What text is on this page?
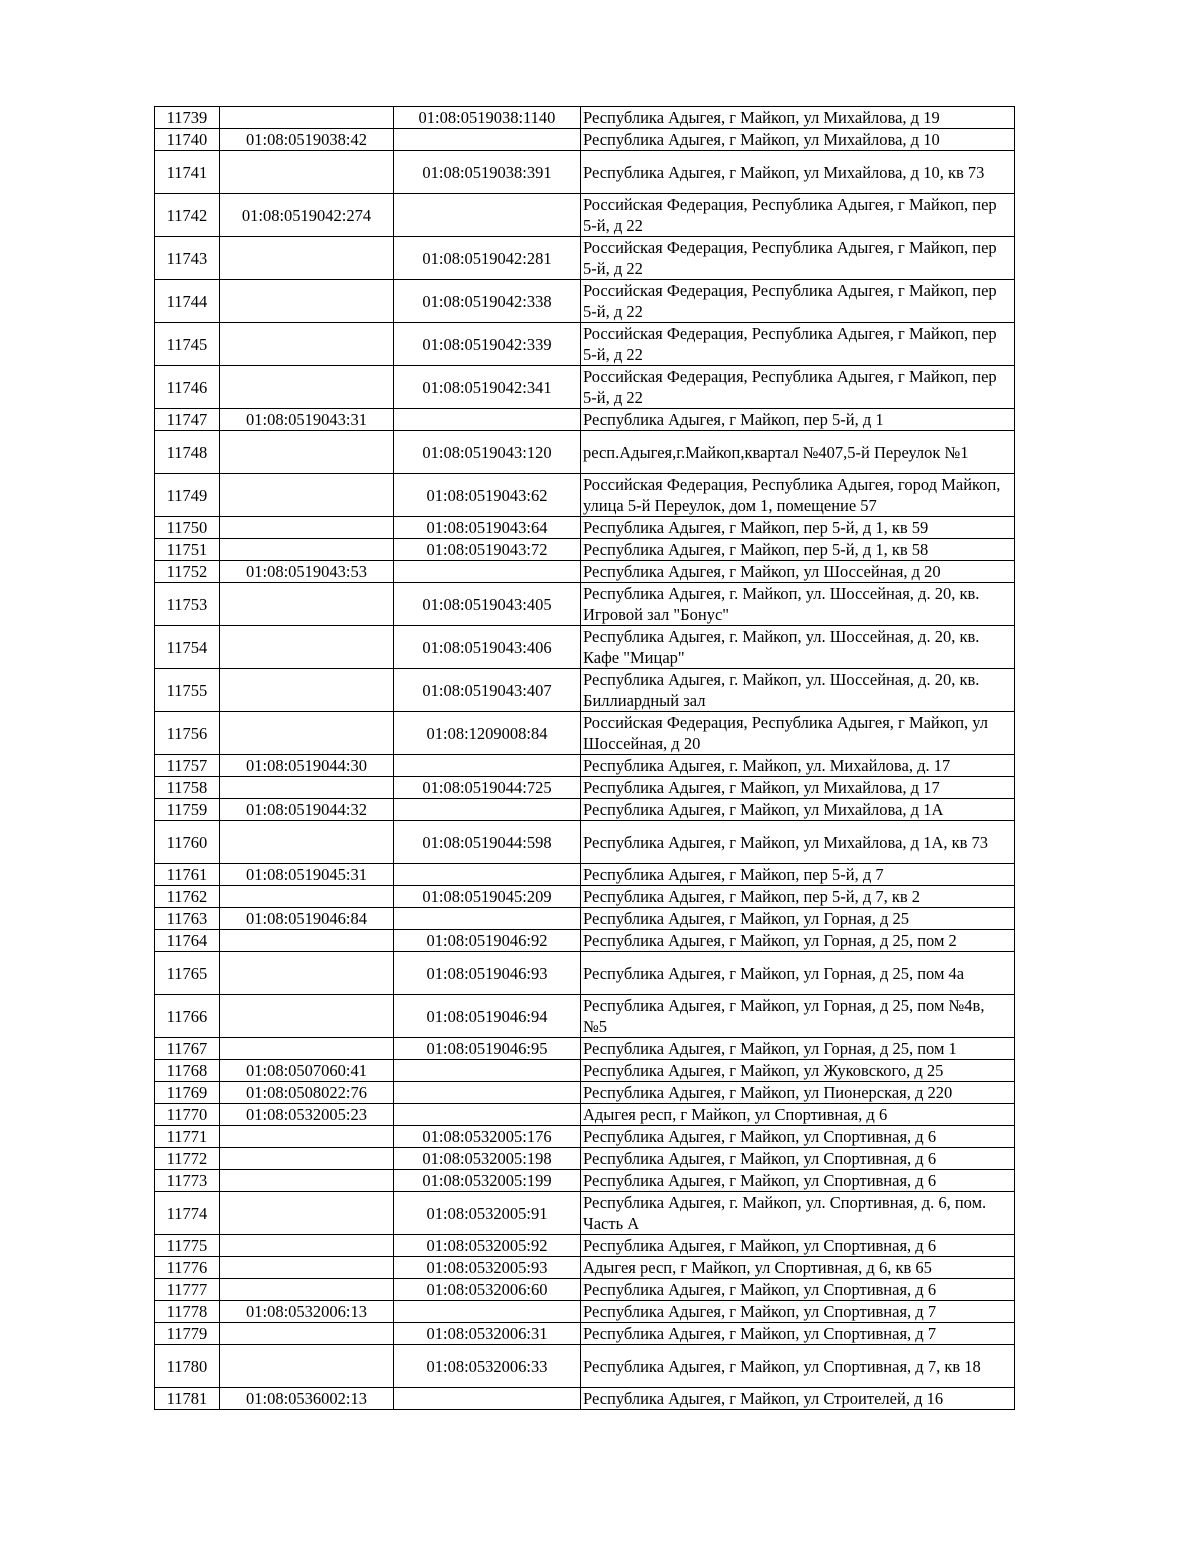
11739		01:08:0519038:1140	Республика Адыгея, г Майкоп, ул Михайлова, д 19
11740	01:08:0519038:42		Республика Адыгея, г Майкоп, ул Михайлова, д 10
11741		01:08:0519038:391	Республика Адыгея, г Майкоп, ул Михайлова, д 10, кв 73
11742	01:08:0519042:274		Российская Федерация, Республика Адыгея, г Майкоп, пер 5-й, д 22
11743		01:08:0519042:281	Российская Федерация, Республика Адыгея, г Майкоп, пер 5-й, д 22
11744		01:08:0519042:338	Российская Федерация, Республика Адыгея, г Майкоп, пер 5-й, д 22
11745		01:08:0519042:339	Российская Федерация, Республика Адыгея, г Майкоп, пер 5-й, д 22
11746		01:08:0519042:341	Российская Федерация, Республика Адыгея, г Майкоп, пер 5-й, д 22
11747	01:08:0519043:31		Республика Адыгея, г Майкоп, пер 5-й, д 1
11748		01:08:0519043:120	респ.Адыгея,г.Майкоп,квартал №407,5-й Переулок №1
11749		01:08:0519043:62	Российская Федерация, Республика Адыгея, город Майкоп, улица 5-й Переулок, дом 1, помещение 57
11750		01:08:0519043:64	Республика Адыгея, г Майкоп, пер 5-й, д 1, кв 59
11751		01:08:0519043:72	Республика Адыгея, г Майкоп, пер 5-й, д 1, кв 58
11752	01:08:0519043:53		Республика Адыгея, г Майкоп, ул Шоссейная, д 20
11753		01:08:0519043:405	Республика Адыгея, г. Майкоп, ул. Шоссейная, д. 20, кв. Игровой зал "Бонус"
11754		01:08:0519043:406	Республика Адыгея, г. Майкоп, ул. Шоссейная, д. 20, кв. Кафе "Мицар"
11755		01:08:0519043:407	Республика Адыгея, г. Майкоп, ул. Шоссейная, д. 20, кв. Биллиардный зал
11756		01:08:1209008:84	Российская Федерация, Республика Адыгея, г Майкоп, ул Шоссейная, д 20
11757	01:08:0519044:30		Республика Адыгея, г. Майкоп, ул. Михайлова, д. 17
11758		01:08:0519044:725	Республика Адыгея, г Майкоп, ул Михайлова, д 17
11759	01:08:0519044:32		Республика Адыгея, г Майкоп, ул Михайлова, д 1А
11760		01:08:0519044:598	Республика Адыгея, г Майкоп, ул Михайлова, д 1А, кв 73
11761	01:08:0519045:31		Республика Адыгея, г Майкоп, пер 5-й, д 7
11762		01:08:0519045:209	Республика Адыгея, г Майкоп, пер 5-й, д 7, кв 2
11763	01:08:0519046:84		Республика Адыгея, г Майкоп, ул Горная, д 25
11764		01:08:0519046:92	Республика Адыгея, г Майкоп, ул Горная, д 25, пом 2
11765		01:08:0519046:93	Республика Адыгея, г Майкоп, ул Горная, д 25, пом 4а
11766		01:08:0519046:94	Республика Адыгея, г Майкоп, ул Горная, д 25, пом №4в, №5
11767		01:08:0519046:95	Республика Адыгея, г Майкоп, ул Горная, д 25, пом 1
11768	01:08:0507060:41		Республика Адыгея, г Майкоп, ул Жуковского, д 25
11769	01:08:0508022:76		Республика Адыгея, г Майкоп, ул Пионерская, д 220
11770	01:08:0532005:23		Адыгея респ, г Майкоп, ул Спортивная, д 6
11771		01:08:0532005:176	Республика Адыгея, г Майкоп, ул Спортивная, д 6
11772		01:08:0532005:198	Республика Адыгея, г Майкоп, ул Спортивная, д 6
11773		01:08:0532005:199	Республика Адыгея, г Майкоп, ул Спортивная, д 6
11774		01:08:0532005:91	Республика Адыгея, г. Майкоп, ул. Спортивная, д. 6, пом. Часть А
11775		01:08:0532005:92	Республика Адыгея, г Майкоп, ул Спортивная, д 6
11776		01:08:0532005:93	Адыгея респ, г Майкоп, ул Спортивная, д 6, кв 65
11777		01:08:0532006:60	Республика Адыгея, г Майкоп, ул Спортивная, д 6
11778	01:08:0532006:13		Республика Адыгея, г Майкоп, ул Спортивная, д 7
11779		01:08:0532006:31	Республика Адыгея, г Майкоп, ул Спортивная, д 7
11780		01:08:0532006:33	Республика Адыгея, г Майкоп, ул Спортивная, д 7, кв 18
11781	01:08:0536002:13		Республика Адыгея, г Майкоп, ул Строителей, д 16
